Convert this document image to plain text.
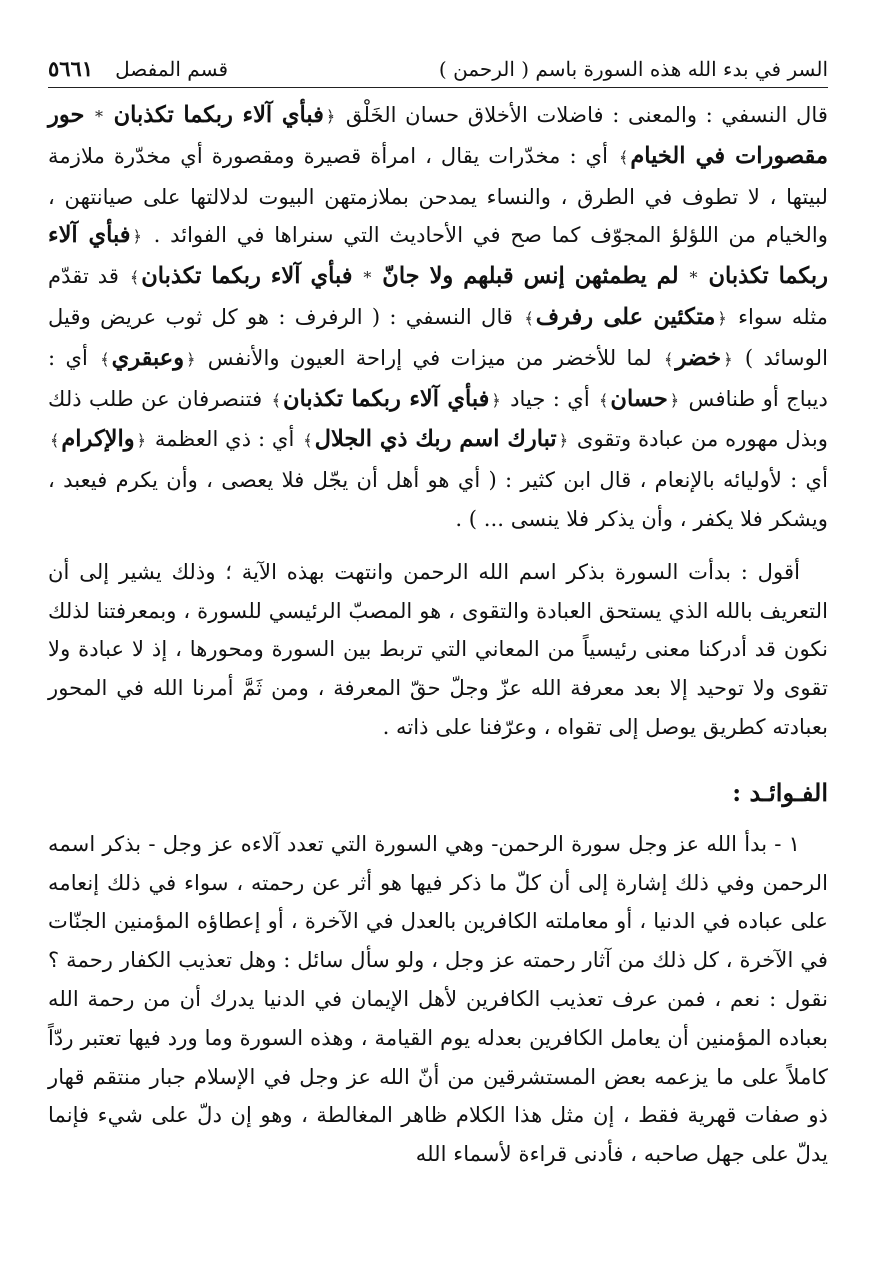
السر في بدء الله هذه السورة باسم ( الرحمن )
قسم المفصل
٥٦٦١

قال النسفي : والمعنى : فاضلات الأخلاق حسان الخَلْق ﴿فبأي آلاء ربكما تكذبان * حور مقصورات في الخيام﴾ أي : مخدّرات يقال ، امرأة قصيرة ومقصورة أي مخدّرة ملازمة لبيتها ، لا تطوف في الطرق ، والنساء يمدحن بملازمتهن البيوت لدلالتها على صيانتهن ، والخيام من اللؤلؤ المجوّف كما صح في الأحاديث التي سنراها في الفوائد . ﴿فبأي آلاء ربكما تكذبان * لم يطمثهن إنس قبلهم ولا جانّ * فبأي آلاء ربكما تكذبان﴾ قد تقدّم مثله سواء ﴿متكئين على رفرف﴾ قال النسفي : ( الرفرف : هو كل ثوب عريض وقيل الوسائد ) ﴿خضر﴾ لما للأخضر من ميزات في إراحة العيون والأنفس ﴿وعبقري﴾ أي : ديباج أو طنافس ﴿حسان﴾ أي : جياد ﴿فبأي آلاء ربكما تكذبان﴾ فتنصرفان عن طلب ذلك وبذل مهوره من عبادة وتقوى ﴿تبارك اسم ربك ذي الجلال﴾ أي : ذي العظمة ﴿والإكرام﴾ أي : لأوليائه بالإنعام ، قال ابن كثير : ( أي هو أهل أن يجّل فلا يعصى ، وأن يكرم فيعبد ، ويشكر فلا يكفر ، وأن يذكر فلا ينسى ... ) .

أقول : بدأت السورة بذكر اسم الله الرحمن وانتهت بهذه الآية ؛ وذلك يشير إلى أن التعريف بالله الذي يستحق العبادة والتقوى ، هو المصبّ الرئيسي للسورة ، وبمعرفتنا لذلك نكون قد أدركنا معنى رئيسياً من المعاني التي تربط بين السورة ومحورها ، إذ لا عبادة ولا تقوى ولا توحيد إلا بعد معرفة الله عزّ وجلّ حقّ المعرفة ، ومن ثَمَّ أمرنا الله في المحور بعبادته كطريق يوصل إلى تقواه ، وعرّفنا على ذاته .

الفـوائـد :

١ - بدأ الله عز وجل سورة الرحمن- وهي السورة التي تعدد آلاءه عز وجل - بذكر اسمه الرحمن وفي ذلك إشارة إلى أن كلّ ما ذكر فيها هو أثر عن رحمته ، سواء في ذلك إنعامه على عباده في الدنيا ، أو معاملته الكافرين بالعدل في الآخرة ، أو إعطاؤه المؤمنين الجنّات في الآخرة ، كل ذلك من آثار رحمته عز وجل ، ولو سأل سائل : وهل تعذيب الكفار رحمة ؟ نقول : نعم ، فمن عرف تعذيب الكافرين لأهل الإيمان في الدنيا يدرك أن من رحمة الله بعباده المؤمنين أن يعامل الكافرين بعدله يوم القيامة ، وهذه السورة وما ورد فيها تعتبر ردّاً كاملاً على ما يزعمه بعض المستشرقين من أنّ الله عز وجل في الإسلام جبار منتقم قهار ذو صفات قهرية فقط ، إن مثل هذا الكلام ظاهر المغالطة ، وهو إن دلّ على شيء فإنما يدلّ على جهل صاحبه ، فأدنى قراءة لأسماء الله
